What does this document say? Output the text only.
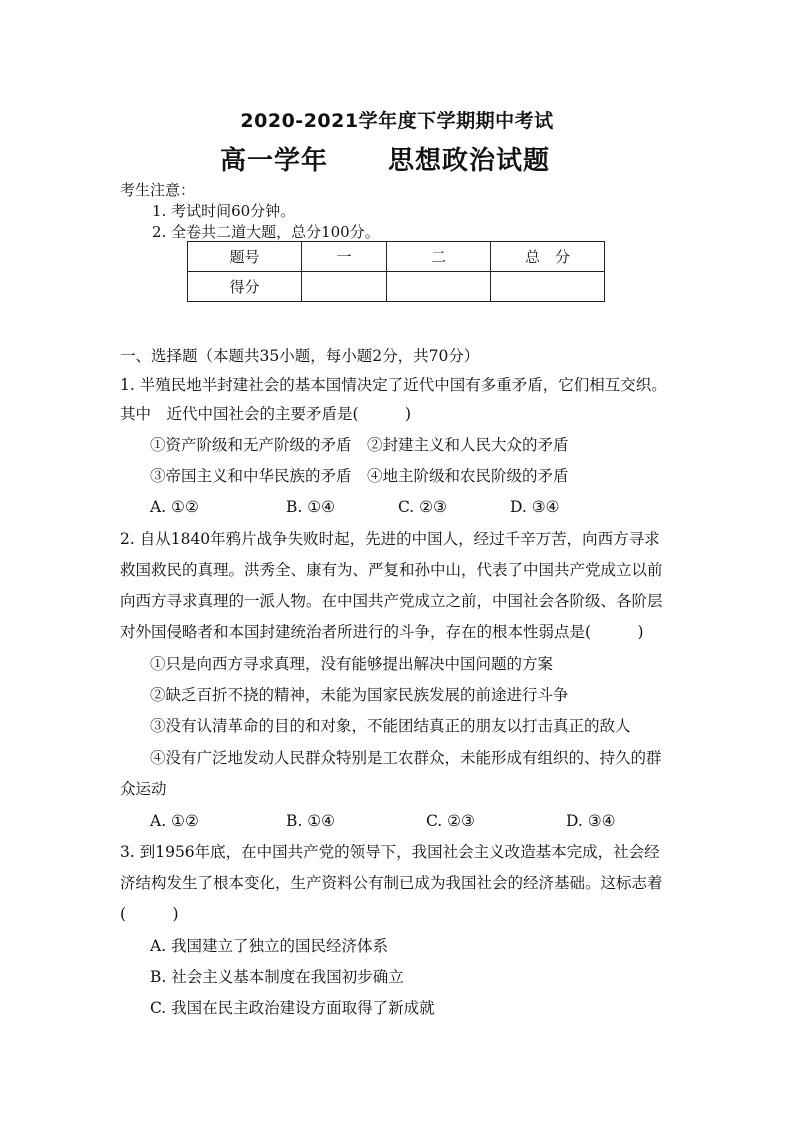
2020-2021学年度下学期期中考试
高一学年 思想政治试题
考生注意：
1. 考试时间60分钟。
2. 全卷共二道大题，总分100分。
题号	一	二	总　分
得分			
一、选择题（本题共35小题，每小题2分，共70分）
1. 半殖民地半封建社会的基本国情决定了近代中国有多重矛盾，它们相互交织。
其中　近代中国社会的主要矛盾是(　　　)
①资产阶级和无产阶级的矛盾　②封建主义和人民大众的矛盾
③帝国主义和中华民族的矛盾　④地主阶级和农民阶级的矛盾
A. ①②	B. ①④	C. ②③	D. ③④
2. 自从1840年鸦片战争失败时起，先进的中国人，经过千辛万苦，向西方寻求
救国救民的真理。洪秀全、康有为、严复和孙中山，代表了中国共产党成立以前
向西方寻求真理的一派人物。在中国共产党成立之前，中国社会各阶级、各阶层
对外国侵略者和本国封建统治者所进行的斗争，存在的根本性弱点是(　　　)
①只是向西方寻求真理，没有能够提出解决中国问题的方案
②缺乏百折不挠的精神，未能为国家民族发展的前途进行斗争
③没有认清革命的目的和对象，不能团结真正的朋友以打击真正的敌人
④没有广泛地发动人民群众特别是工农群众，未能形成有组织的、持久的群
众运动
A. ①②	B. ①④	C. ②③	D. ③④
3. 到1956年底，在中国共产党的领导下，我国社会主义改造基本完成，社会经
济结构发生了根本变化，生产资料公有制已成为我国社会的经济基础。这标志着
(　　　)
A. 我国建立了独立的国民经济体系
B. 社会主义基本制度在我国初步确立
C. 我国在民主政治建设方面取得了新成就
